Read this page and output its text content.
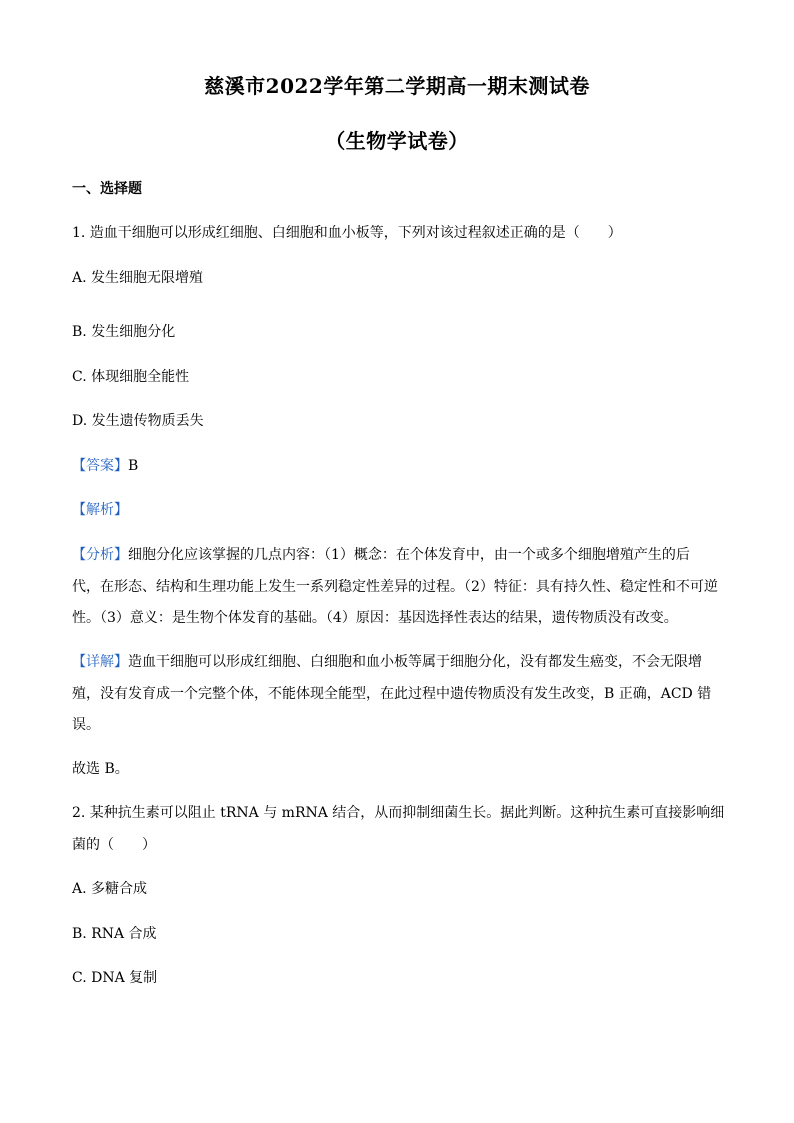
慈溪市2022学年第二学期高一期末测试卷
（生物学试卷）
一、选择题
1. 造血干细胞可以形成红细胞、白细胞和血小板等，下列对该过程叙述正确的是（　　）
A. 发生细胞无限增殖
B. 发生细胞分化
C. 体现细胞全能性
D. 发生遗传物质丢失
【答案】B
【解析】
【分析】细胞分化应该掌握的几点内容：（1）概念：在个体发育中，由一个或多个细胞增殖产生的后
代，在形态、结构和生理功能上发生一系列稳定性差异的过程。（2）特征：具有持久性、稳定性和不可逆
性。（3）意义：是生物个体发育的基础。（4）原因：基因选择性表达的结果，遗传物质没有改变。
【详解】造血干细胞可以形成红细胞、白细胞和血小板等属于细胞分化，没有都发生癌变，不会无限增
殖，没有发育成一个完整个体，不能体现全能型，在此过程中遗传物质没有发生改变，B 正确，ACD 错
误。
故选 B。
2. 某种抗生素可以阻止 tRNA 与 mRNA 结合，从而抑制细菌生长。据此判断。这种抗生素可直接影响细
菌的（　　）
A. 多糖合成
B. RNA 合成
C. DNA 复制
